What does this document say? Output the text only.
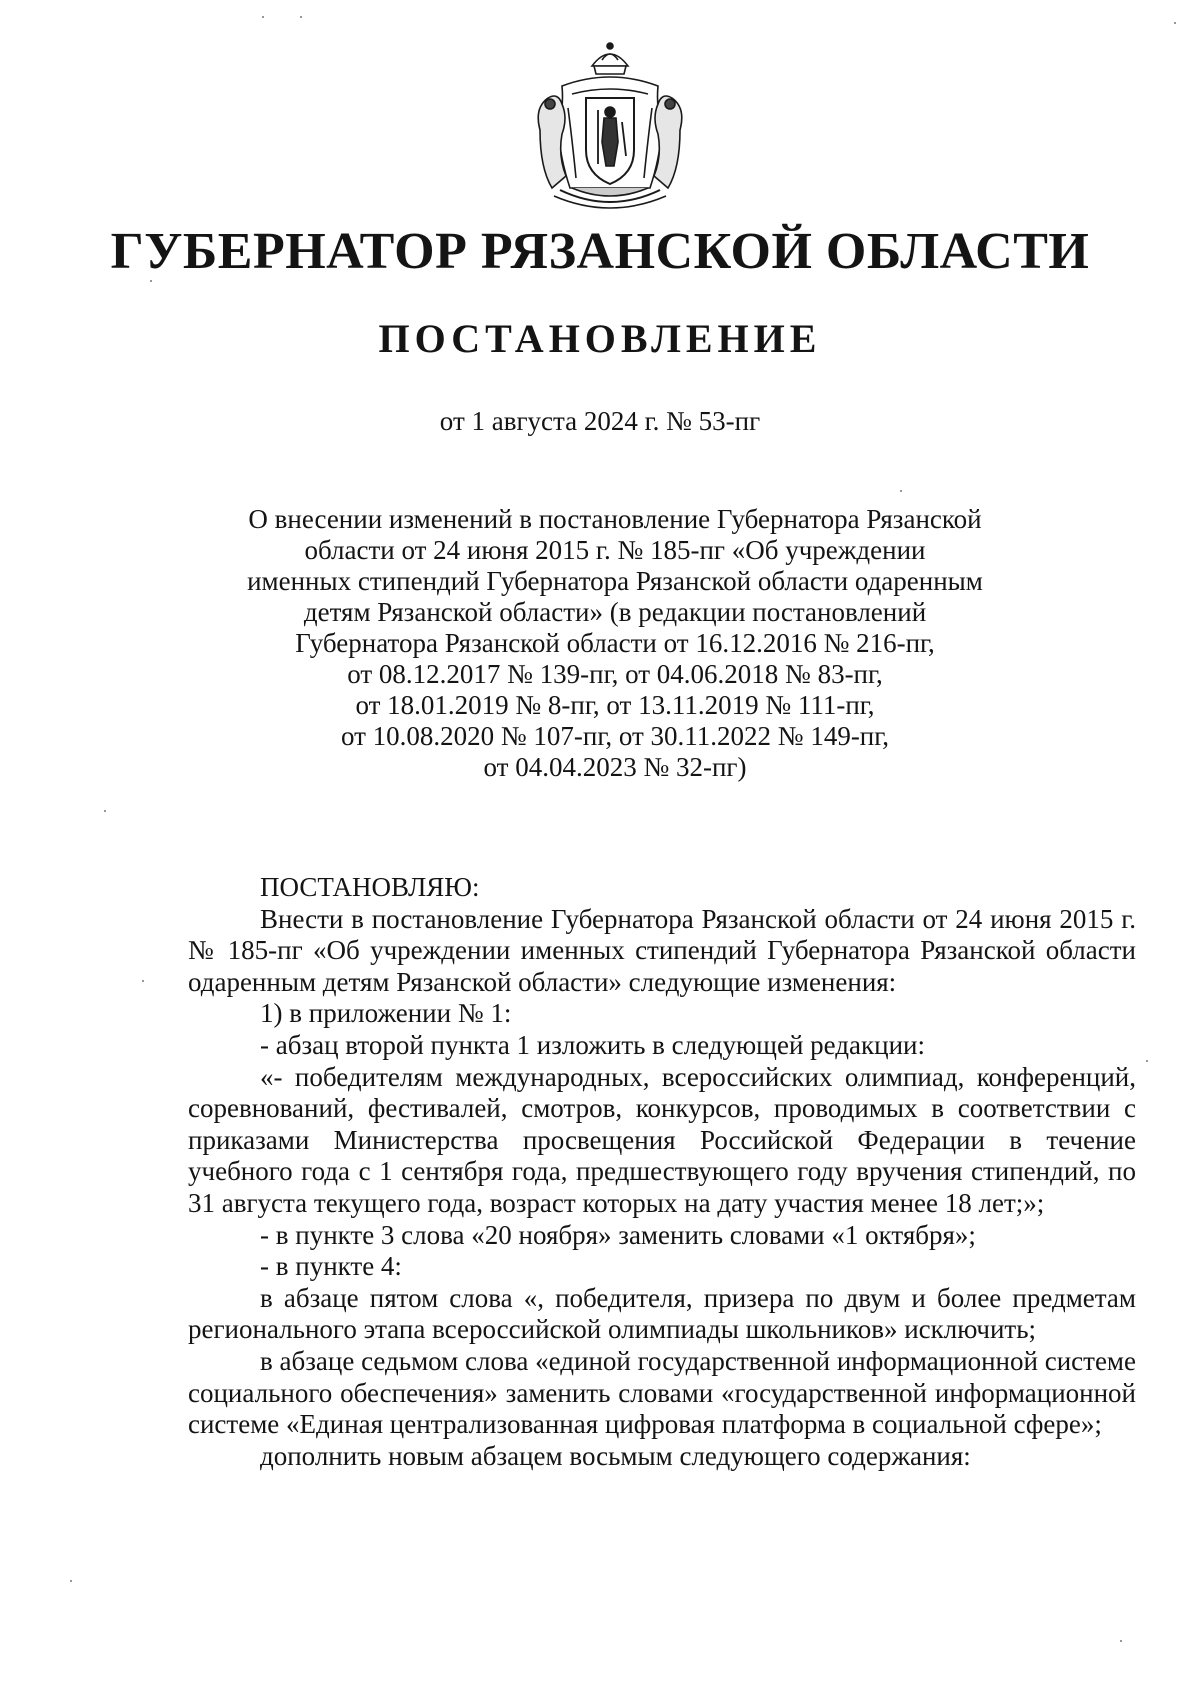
ГУБЕРНАТОР РЯЗАНСКОЙ ОБЛАСТИ
ПОСТАНОВЛЕНИЕ
от 1 августа 2024 г. № 53-пг
О внесении изменений в постановление Губернатора Рязанской
области от 24 июня 2015 г. № 185-пг «Об учреждении
именных стипендий Губернатора Рязанской области одаренным
детям Рязанской области» (в редакции постановлений
Губернатора Рязанской области от 16.12.2016 № 216-пг,
от 08.12.2017 № 139-пг, от 04.06.2018 № 83-пг,
от 18.01.2019 № 8-пг, от 13.11.2019 № 111-пг,
от 10.08.2020 № 107-пг, от 30.11.2022 № 149-пг,
от 04.04.2023 № 32-пг)

ПОСТАНОВЛЯЮ:

Внести в постановление Губернатора Рязанской области от 24 июня 2015 г. № 185-пг «Об учреждении именных стипендий Губернатора Рязанской области одаренным детям Рязанской области» следующие изменения:

1) в приложении № 1:

- абзац второй пункта 1 изложить в следующей редакции:

«- победителям международных, всероссийских олимпиад, конференций, соревнований, фестивалей, смотров, конкурсов, проводимых в соответствии с приказами Министерства просвещения Российской Федерации в течение учебного года с 1 сентября года, предшествующего году вручения стипендий, по 31 августа текущего года, возраст которых на дату участия менее 18 лет;»;

- в пункте 3 слова «20 ноября» заменить словами «1 октября»;

- в пункте 4:

в абзаце пятом слова «, победителя, призера по двум и более предметам регионального этапа всероссийской олимпиады школьников» исключить;

в абзаце седьмом слова «единой государственной информационной системе социального обеспечения» заменить словами «государственной информационной системе «Единая централизованная цифровая платформа в социальной сфере»;

дополнить новым абзацем восьмым следующего содержания:
